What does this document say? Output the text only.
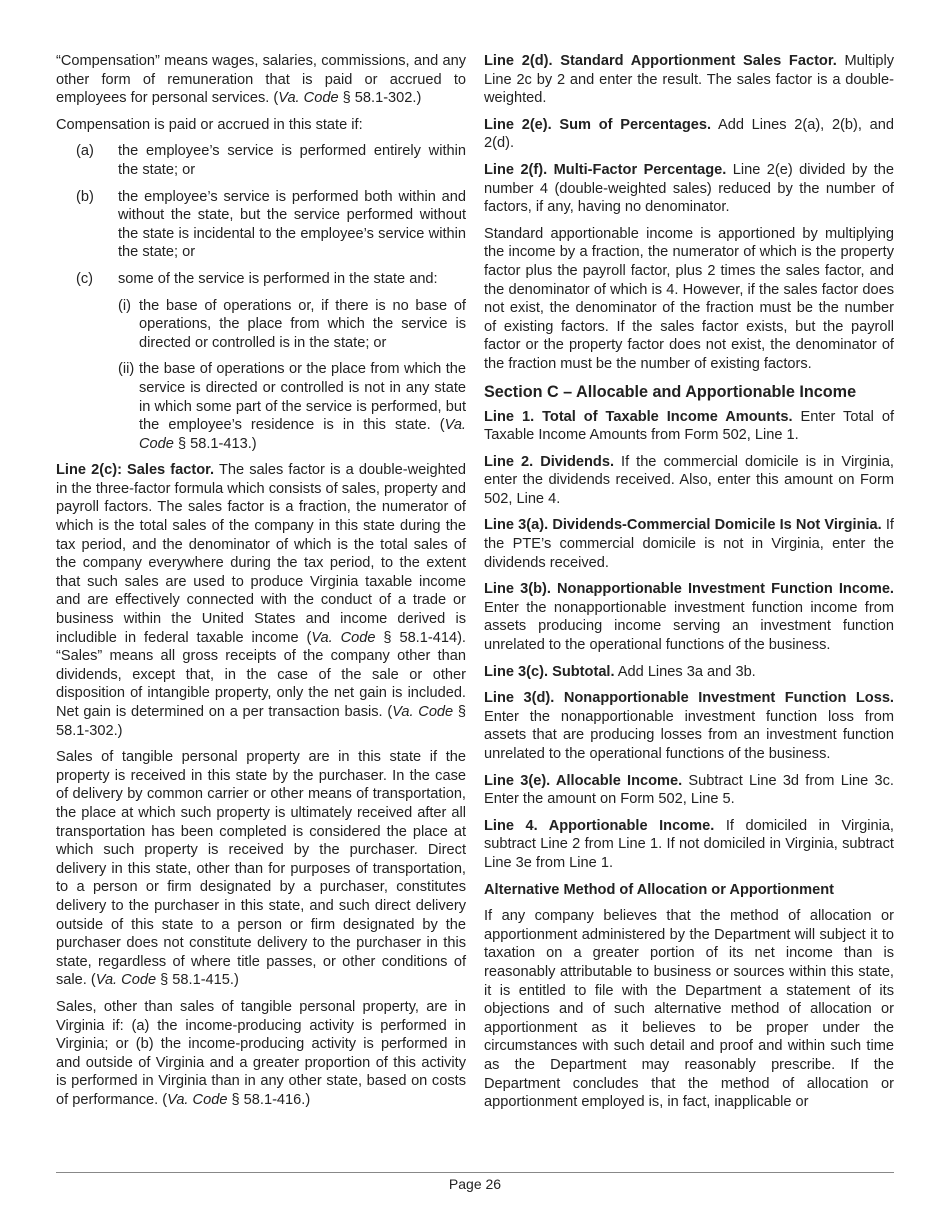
“Compensation” means wages, salaries, commissions, and any other form of remuneration that is paid or accrued to employees for personal services. (Va. Code § 58.1-302.)

Compensation is paid or accrued in this state if:

(a) the employee’s service is performed entirely within the state; or
(b) the employee’s service is performed both within and without the state, but the service performed without the state is incidental to the employee’s service within the state; or
(c) some of the service is performed in the state and:
(i) the base of operations or, if there is no base of operations, the place from which the service is directed or controlled is in the state; or
(ii) the base of operations or the place from which the service is directed or controlled is not in any state in which some part of the service is performed, but the employee’s residence is in this state. (Va. Code § 58.1-413.)

Line 2(c): Sales factor. The sales factor is a double-weighted in the three-factor formula which consists of sales, property and payroll factors. The sales factor is a fraction, the numerator of which is the total sales of the company in this state during the tax period, and the denominator of which is the total sales of the company everywhere during the tax period, to the extent that such sales are used to produce Virginia taxable income and are effectively connected with the conduct of a trade or business within the United States and income derived is includible in federal taxable income (Va. Code § 58.1-414). “Sales” means all gross receipts of the company other than dividends, except that, in the case of the sale or other disposition of intangible property, only the net gain is included. Net gain is determined on a per transaction basis. (Va. Code § 58.1-302.)

Sales of tangible personal property are in this state if the property is received in this state by the purchaser. In the case of delivery by common carrier or other means of transportation, the place at which such property is ultimately received after all transportation has been completed is considered the place at which such property is received by the purchaser. Direct delivery in this state, other than for purposes of transportation, to a person or firm designated by a purchaser, constitutes delivery to the purchaser in this state, and such direct delivery outside of this state to a person or firm designated by the purchaser does not constitute delivery to the purchaser in this state, regardless of where title passes, or other conditions of sale. (Va. Code § 58.1-415.)

Sales, other than sales of tangible personal property, are in Virginia if: (a) the income-producing activity is performed in Virginia; or (b) the income-producing activity is performed in and outside of Virginia and a greater proportion of this activity is performed in Virginia than in any other state, based on costs of performance. (Va. Code § 58.1-416.)

Line 2(d). Standard Apportionment Sales Factor. Multiply Line 2c by 2 and enter the result. The sales factor is a double-weighted.

Line 2(e). Sum of Percentages. Add Lines 2(a), 2(b), and 2(d).

Line 2(f). Multi-Factor Percentage. Line 2(e) divided by the number 4 (double-weighted sales) reduced by the number of factors, if any, having no denominator.

Standard apportionable income is apportioned by multiplying the income by a fraction, the numerator of which is the property factor plus the payroll factor, plus 2 times the sales factor, and the denominator of which is 4. However, if the sales factor does not exist, the denominator of the fraction must be the number of existing factors. If the sales factor exists, but the payroll factor or the property factor does not exist, the denominator of the fraction must be the number of existing factors.

Section C – Allocable and Apportionable Income

Line 1. Total of Taxable Income Amounts. Enter Total of Taxable Income Amounts from Form 502, Line 1.

Line 2. Dividends. If the commercial domicile is in Virginia, enter the dividends received. Also, enter this amount on Form 502, Line 4.

Line 3(a). Dividends-Commercial Domicile Is Not Virginia. If the PTE’s commercial domicile is not in Virginia, enter the dividends received.

Line 3(b). Nonapportionable Investment Function Income. Enter the nonapportionable investment function income from assets producing income serving an investment function unrelated to the operational functions of the business.

Line 3(c). Subtotal. Add Lines 3a and 3b.

Line 3(d). Nonapportionable Investment Function Loss. Enter the nonapportionable investment function loss from assets that are producing losses from an investment function unrelated to the operational functions of the business.

Line 3(e). Allocable Income. Subtract Line 3d from Line 3c. Enter the amount on Form 502, Line 5.

Line 4. Apportionable Income. If domiciled in Virginia, subtract Line 2 from Line 1. If not domiciled in Virginia, subtract Line 3e from Line 1.

Alternative Method of Allocation or Apportionment

If any company believes that the method of allocation or apportionment administered by the Department will subject it to taxation on a greater portion of its net income than is reasonably attributable to business or sources within this state, it is entitled to file with the Department a statement of its objections and of such alternative method of allocation or apportionment as it believes to be proper under the circumstances with such detail and proof and within such time as the Department may reasonably prescribe. If the Department concludes that the method of allocation or apportionment employed is, in fact, inapplicable or

Page 26
